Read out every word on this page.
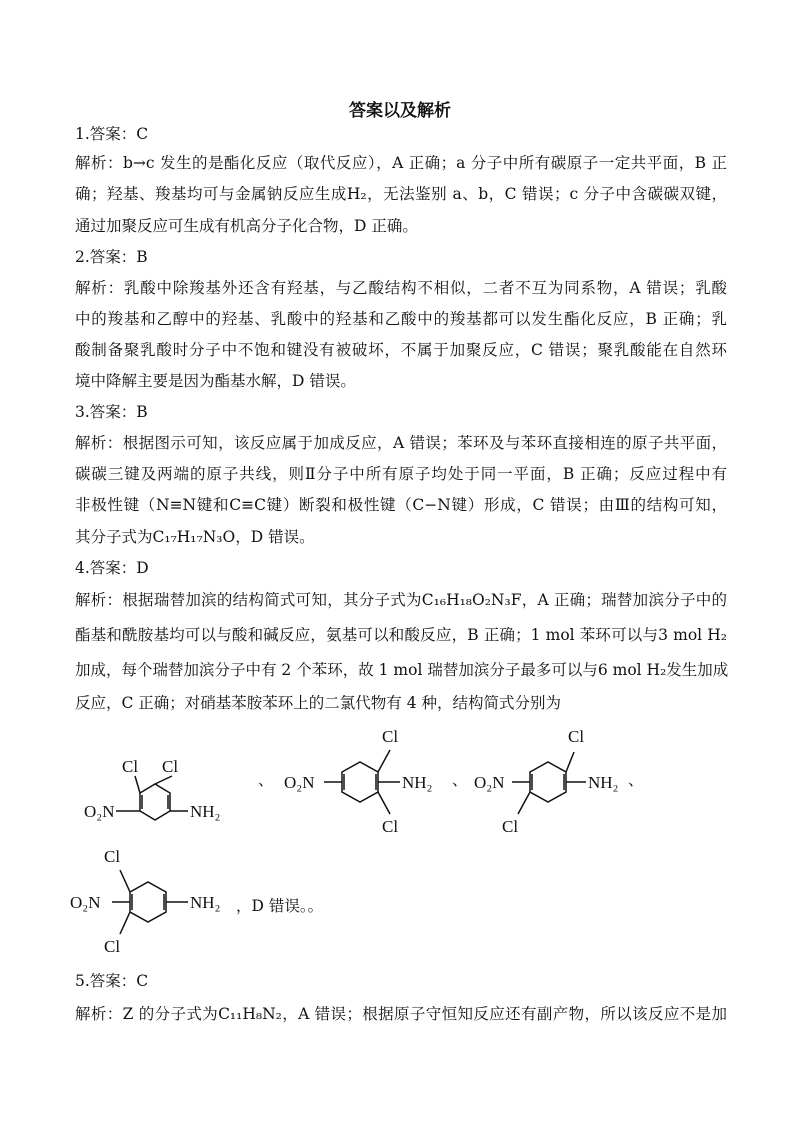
答案以及解析
1.答案：C
解析：b→c 发生的是酯化反应（取代反应），A 正确；a 分子中所有碳原子一定共平面，B 正
确；羟基、羧基均可与金属钠反应生成H₂，无法鉴别 a、b，C 错误；c 分子中含碳碳双键，
通过加聚反应可生成有机高分子化合物，D 正确。
2.答案：B
解析：乳酸中除羧基外还含有羟基，与乙酸结构不相似，二者不互为同系物，A 错误；乳酸
中的羧基和乙醇中的羟基、乳酸中的羟基和乙酸中的羧基都可以发生酯化反应，B 正确；乳
酸制备聚乳酸时分子中不饱和键没有被破坏，不属于加聚反应，C 错误；聚乳酸能在自然环
境中降解主要是因为酯基水解，D 错误。
3.答案：B
解析：根据图示可知，该反应属于加成反应，A 错误；苯环及与苯环直接相连的原子共平面，
碳碳三键及两端的原子共线，则Ⅱ分子中所有原子均处于同一平面，B 正确；反应过程中有
非极性键（N≡N键和C≡C键）断裂和极性键（C−N键）形成，C 错误；由Ⅲ的结构可知，
其分子式为C₁₇H₁₇N₃O，D 错误。
4.答案：D
解析：根据瑞替加滨的结构简式可知，其分子式为C₁₆H₁₈O₂N₃F，A 正确；瑞替加滨分子中的
酯基和酰胺基均可以与酸和碱反应，氨基可以和酸反应，B 正确；1 mol 苯环可以与3 mol H₂
加成，每个瑞替加滨分子中有 2 个苯环，故 1 mol 瑞替加滨分子最多可以与6 mol H₂发生加成
反应，C 正确；对硝基苯胺苯环上的二氯代物有 4 种，结构简式分别为
Cl Cl
O₂N	NH₂
、
Cl
Cl
O₂N	NH₂ 、
Cl
Cl
O₂N	NH₂ 、
Cl
Cl
O₂N	NH₂ ，D 错误。。
5.答案：C
解析：Z 的分子式为C₁₁H₈N₂，A 错误；根据原子守恒知反应还有副产物，所以该反应不是加
